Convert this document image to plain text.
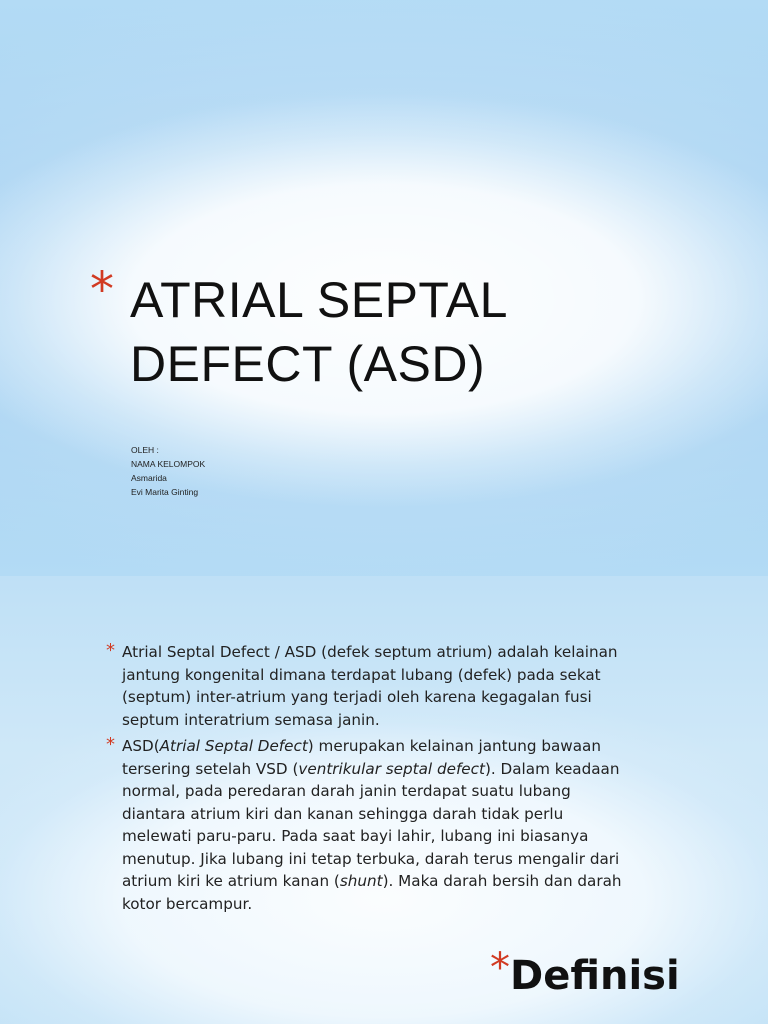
* ATRIAL SEPTAL
DEFECT (ASD)
OLEH :
NAMA KELOMPOK
Asmarida
Evi Marita Ginting
* Atrial Septal Defect / ASD (defek septum atrium) adalah kelainan jantung kongenital dimana terdapat lubang (defek) pada sekat (septum) inter-atrium yang terjadi oleh karena kegagalan fusi septum interatrium semasa janin.

* ASD(Atrial Septal Defect) merupakan kelainan jantung bawaan tersering setelah VSD (ventrikular septal defect). Dalam keadaan normal, pada peredaran darah janin terdapat suatu lubang diantara atrium kiri dan kanan sehingga darah tidak perlu melewati paru-paru. Pada saat bayi lahir, lubang ini biasanya menutup. Jika lubang ini tetap terbuka, darah terus mengalir dari atrium kiri ke atrium kanan (shunt). Maka darah bersih dan darah kotor bercampur.

*Definisi
